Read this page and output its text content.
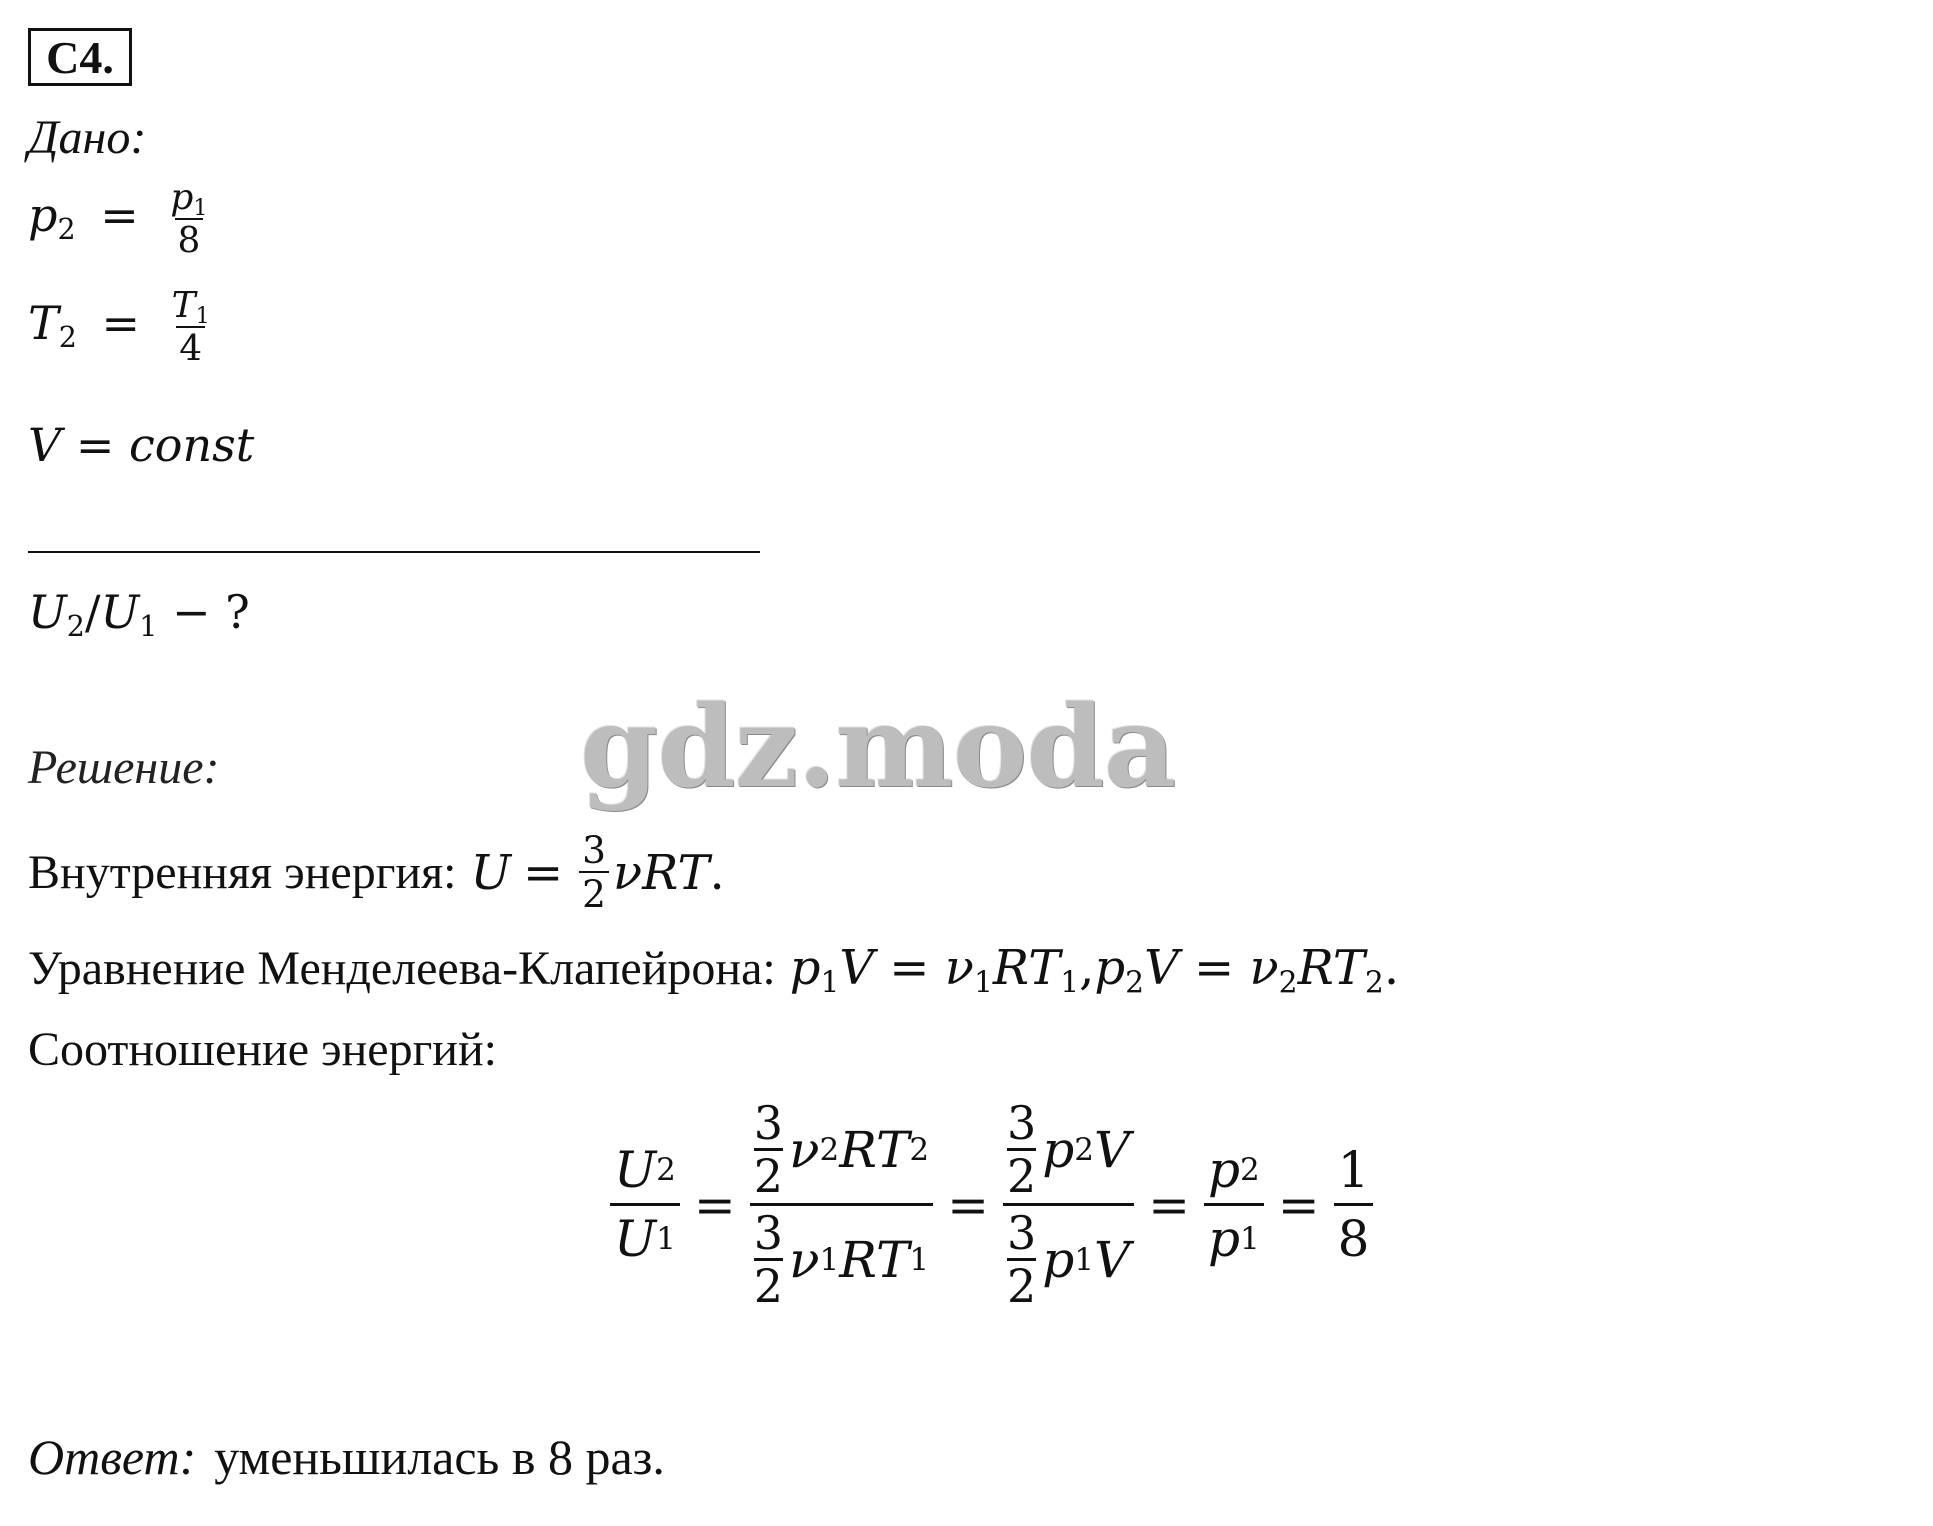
C4.
Дано:
$p_2 = \frac{p_1}{8}$
$T_2 = \frac{T_1}{4}$
V = const
$U_2/U_1$ − ?
gdz.moda
Решение:
Внутренняя энергия: $U = \frac{3}{2}$ νRT .
Уравнение Менделеева-Клапейрона: $p_1V = \nu_1RT_1,p_2V = \nu_2RT_2$.
Соотношение энергий:
$\frac{U 2}{U 1} = 3$
2 ν 2 RT 2
3
2 ν 1 RT 1 = 3
2 p 2 V
3
2 p 1 $V = \frac{p 2}{p 1} = \frac{1}{8}$
Ответ: уменьшилась в 8 раз.
